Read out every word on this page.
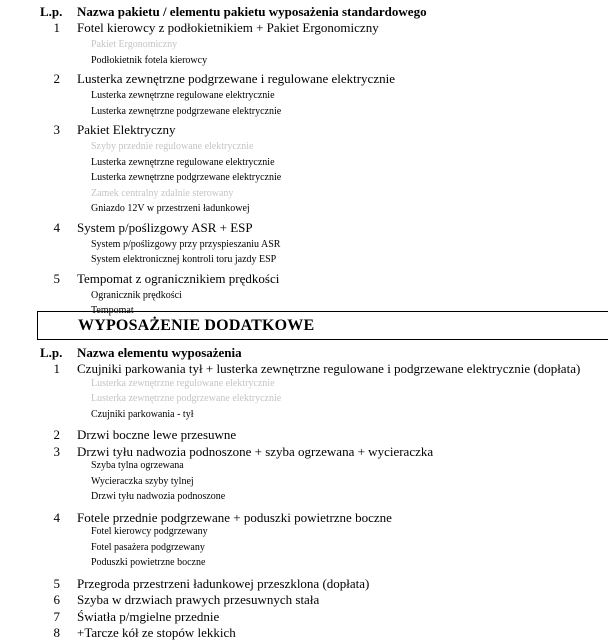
L.p. Nazwa pakietu / elementu pakietu wyposażenia standardowego
1 Fotel kierowcy z podłokietnikiem + Pakiet Ergonomiczny
Pakiet Ergonomiczny
Podłokietnik fotela kierowcy
2 Lusterka zewnętrzne podgrzewane i regulowane elektrycznie
Lusterka zewnętrzne regulowane elektrycznie
Lusterka zewnętrzne podgrzewane elektrycznie
3 Pakiet Elektryczny
Szyby przednie regulowane elektrycznie
Lusterka zewnętrzne regulowane elektrycznie
Lusterka zewnętrzne podgrzewane elektrycznie
Zamek centralny zdalnie sterowany
Gniazdo 12V w przestrzeni ładunkowej
4 System p/poślizgowy ASR + ESP
System p/poślizgowy przy przyspieszaniu ASR
System elektronicznej kontroli toru jazdy ESP
5 Tempomat z ogranicznikiem prędkości
Ogranicznik prędkości
Tempomat
WYPOSAŻENIE DODATKOWE
L.p. Nazwa elementu wyposażenia
1 Czujniki parkowania tył + lusterka zewnętrzne regulowane i podgrzewane elektrycznie (dopłata)
Lusterka zewnętrzne regulowane elektrycznie
Lusterka zewnętrzne podgrzewane elektrycznie
Czujniki parkowania - tył
2 Drzwi boczne lewe przesuwne
3 Drzwi tyłu nadwozia podnoszone + szyba ogrzewana + wycieraczka
Szyba tylna ogrzewana
Wycieraczka szyby tylnej
Drzwi tyłu nadwozia podnoszone
4 Fotele przednie podgrzewane + poduszki powietrzne boczne
Fotel kierowcy podgrzewany
Fotel pasażera podgrzewany
Poduszki powietrzne boczne
5 Przegroda przestrzeni ładunkowej przeszklona (dopłata)
6 Szyba w drzwiach prawych przesuwnych stała
7 Światła p/mgielne przednie
8 +Tarcze kół ze stopów lekkich
